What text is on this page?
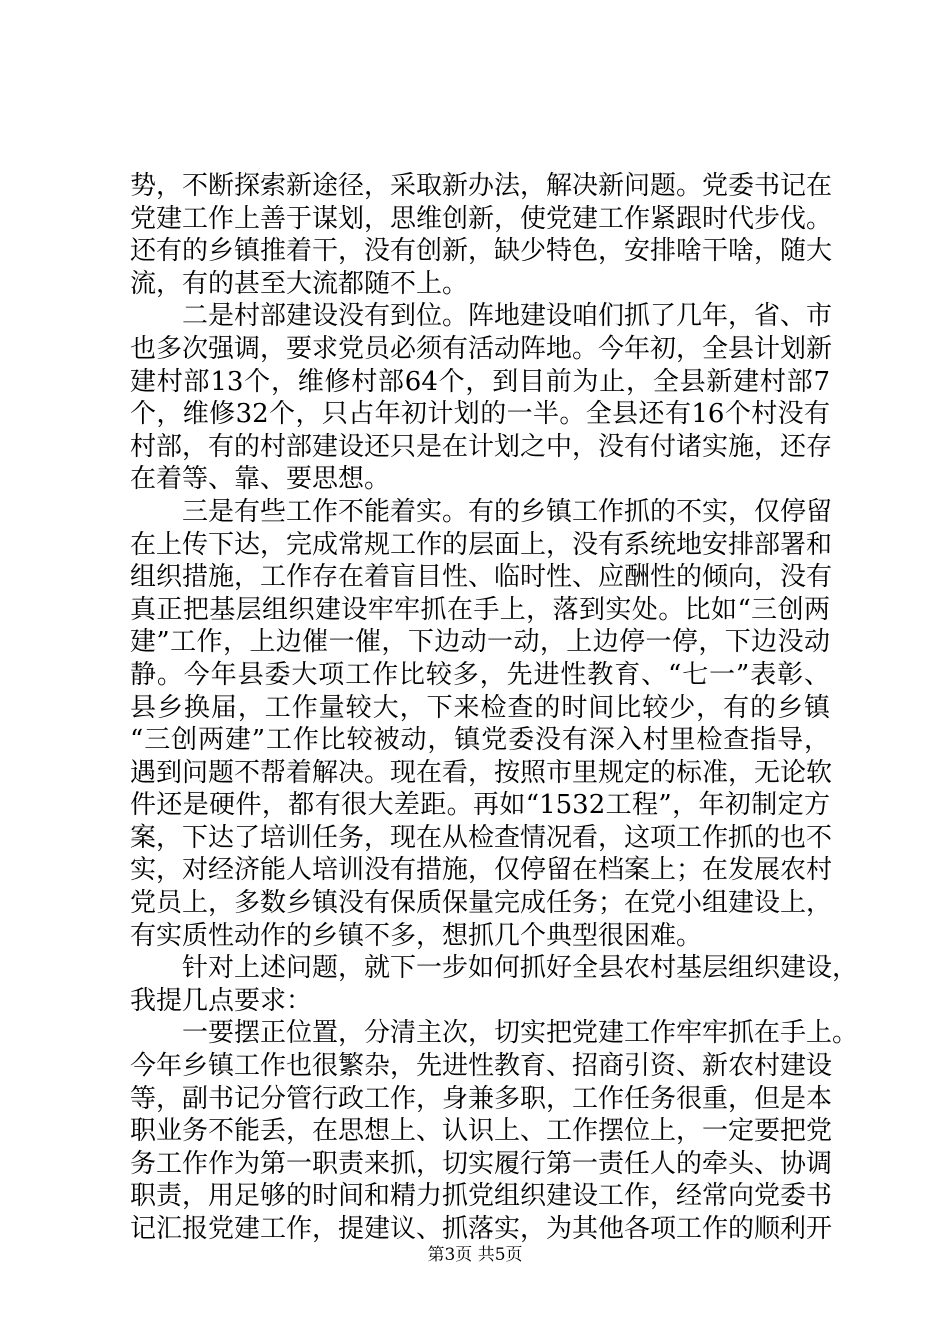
势，不断探索新途径，采取新办法，解决新问题。党委书记在
党建工作上善于谋划，思维创新，使党建工作紧跟时代步伐。
还有的乡镇推着干，没有创新，缺少特色，安排啥干啥，随大
流，有的甚至大流都随不上。
二是村部建设没有到位。阵地建设咱们抓了几年，省、市
也多次强调，要求党员必须有活动阵地。今年初，全县计划新
建村部13个，维修村部64个，到目前为止，全县新建村部7
个，维修32个，只占年初计划的一半。全县还有16个村没有
村部，有的村部建设还只是在计划之中，没有付诸实施，还存
在着等、靠、要思想。
三是有些工作不能着实。有的乡镇工作抓的不实，仅停留
在上传下达，完成常规工作的层面上，没有系统地安排部署和
组织措施，工作存在着盲目性、临时性、应酬性的倾向，没有
真正把基层组织建设牢牢抓在手上，落到实处。比如“三创两
建”工作，上边催一催，下边动一动，上边停一停，下边没动
静。今年县委大项工作比较多，先进性教育、“七一”表彰、
县乡换届，工作量较大，下来检查的时间比较少，有的乡镇
“三创两建”工作比较被动，镇党委没有深入村里检查指导，
遇到问题不帮着解决。现在看，按照市里规定的标准，无论软
件还是硬件，都有很大差距。再如“1532工程”，年初制定方
案，下达了培训任务，现在从检查情况看，这项工作抓的也不
实，对经济能人培训没有措施，仅停留在档案上；在发展农村
党员上，多数乡镇没有保质保量完成任务；在党小组建设上，
有实质性动作的乡镇不多，想抓几个典型很困难。
针对上述问题，就下一步如何抓好全县农村基层组织建设，
我提几点要求：
一要摆正位置，分清主次，切实把党建工作牢牢抓在手上。
今年乡镇工作也很繁杂，先进性教育、招商引资、新农村建设
等，副书记分管行政工作，身兼多职，工作任务很重，但是本
职业务不能丢，在思想上、认识上、工作摆位上，一定要把党
务工作作为第一职责来抓，切实履行第一责任人的牵头、协调
职责，用足够的时间和精力抓党组织建设工作，经常向党委书
记汇报党建工作，提建议、抓落实，为其他各项工作的顺利开
第3页 共5页
